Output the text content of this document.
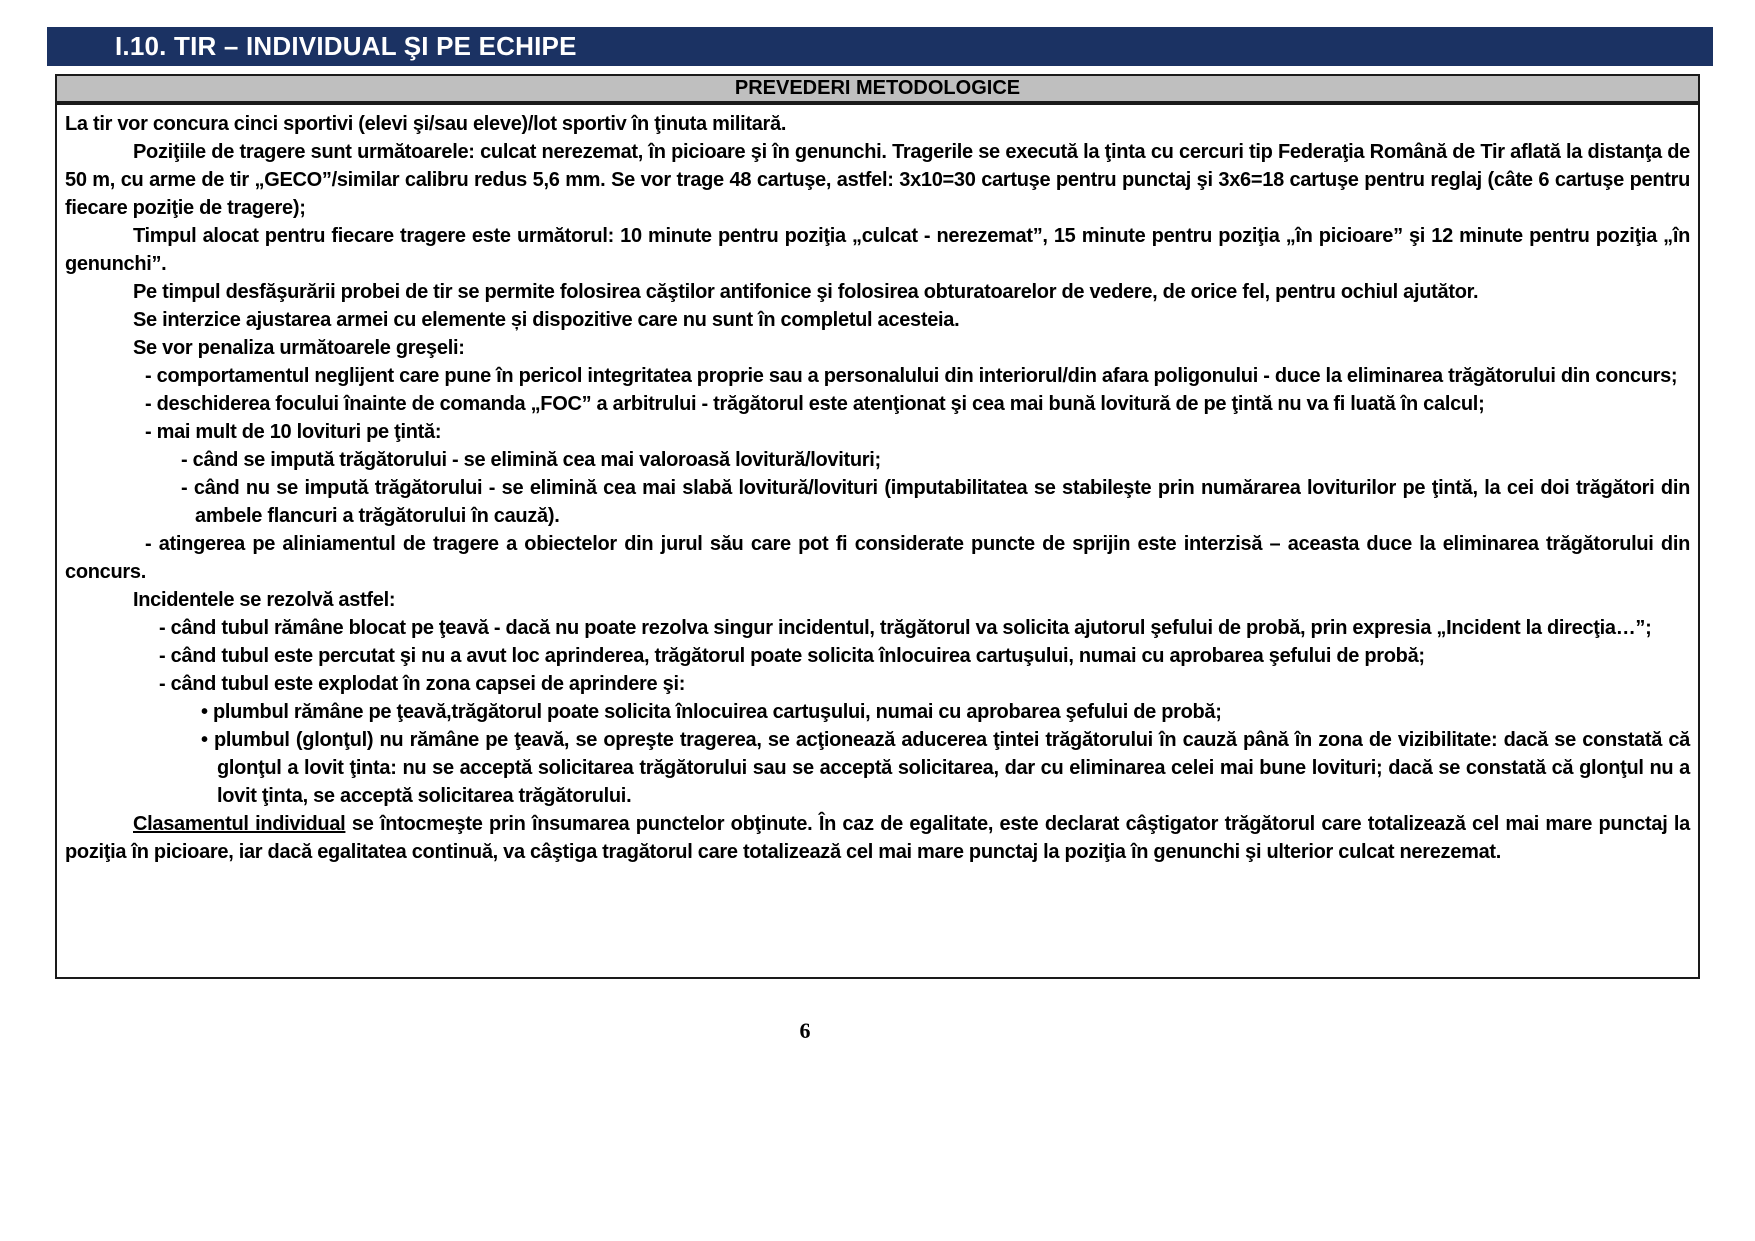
I.10. TIR – INDIVIDUAL ŞI PE ECHIPE
PREVEDERI METODOLOGICE

La tir vor concura cinci sportivi (elevi şi/sau eleve)/lot sportiv în ţinuta militară.

Poziţiile de tragere sunt următoarele: culcat nerezemat, în picioare şi în genunchi. Tragerile se execută la ţinta cu cercuri tip Federaţia Română de Tir aflată la distanţa de 50 m, cu arme de tir „GECO”/similar calibru redus 5,6 mm. Se vor trage 48 cartuşe, astfel: 3x10=30 cartuşe pentru punctaj şi 3x6=18 cartuşe pentru reglaj (câte 6 cartuşe pentru fiecare poziţie de tragere);

Timpul alocat pentru fiecare tragere este următorul: 10 minute pentru poziţia „culcat - nerezemat”, 15 minute pentru poziţia „în picioare” şi 12 minute pentru poziţia „în genunchi”.

Pe timpul desfăşurării probei de tir se permite folosirea căştilor antifonice şi folosirea obturatoarelor de vedere, de orice fel, pentru ochiul ajutător.

Se interzice ajustarea armei cu elemente și dispozitive care nu sunt în completul acesteia.

Se vor penaliza următoarele greşeli:

- comportamentul neglijent care pune în pericol integritatea proprie sau a personalului din interiorul/din afara poligonului - duce la eliminarea trăgătorului din concurs;

- deschiderea focului înainte de comanda „FOC” a arbitrului - trăgătorul este atenţionat şi cea mai bună lovitură de pe ţintă nu va fi luată în calcul;

- mai mult de 10 lovituri pe ţintă:

- când se impută trăgătorului - se elimină cea mai valoroasă lovitură/lovituri;

- când nu se impută trăgătorului - se elimină cea mai slabă lovitură/lovituri (imputabilitatea se stabileşte prin numărarea loviturilor pe ţintă, la cei doi trăgători din ambele flancuri a trăgătorului în cauză).

- atingerea pe aliniamentul de tragere a obiectelor din jurul său care pot fi considerate puncte de sprijin este interzisă – aceasta duce la eliminarea trăgătorului din concurs.

Incidentele se rezolvă astfel:

- când tubul rămâne blocat pe ţeavă - dacă nu poate rezolva singur incidentul, trăgătorul va solicita ajutorul şefului de probă, prin expresia „Incident la direcţia…”;

- când tubul este percutat şi nu a avut loc aprinderea, trăgătorul poate solicita înlocuirea cartuşului, numai cu aprobarea şefului de probă;

- când tubul este explodat în zona capsei de aprindere şi:

• plumbul rămâne pe ţeavă,trăgătorul poate solicita înlocuirea cartuşului, numai cu aprobarea şefului de probă;

• plumbul (glonţul) nu rămâne pe ţeavă, se opreşte tragerea, se acţionează aducerea ţintei trăgătorului în cauză până în zona de vizibilitate: dacă se constată că glonţul a lovit ţinta: nu se acceptă solicitarea trăgătorului sau se acceptă solicitarea, dar cu eliminarea celei mai bune lovituri; dacă se constată că glonţul nu a lovit ţinta, se acceptă solicitarea trăgătorului.

Clasamentul individual se întocmeşte prin însumarea punctelor obţinute. În caz de egalitate, este declarat câştigator trăgătorul care totalizează cel mai mare punctaj la poziţia în picioare, iar dacă egalitatea continuă, va câştiga tragătorul care totalizează cel mai mare punctaj la poziţia în genunchi şi ulterior culcat nerezemat.

6
